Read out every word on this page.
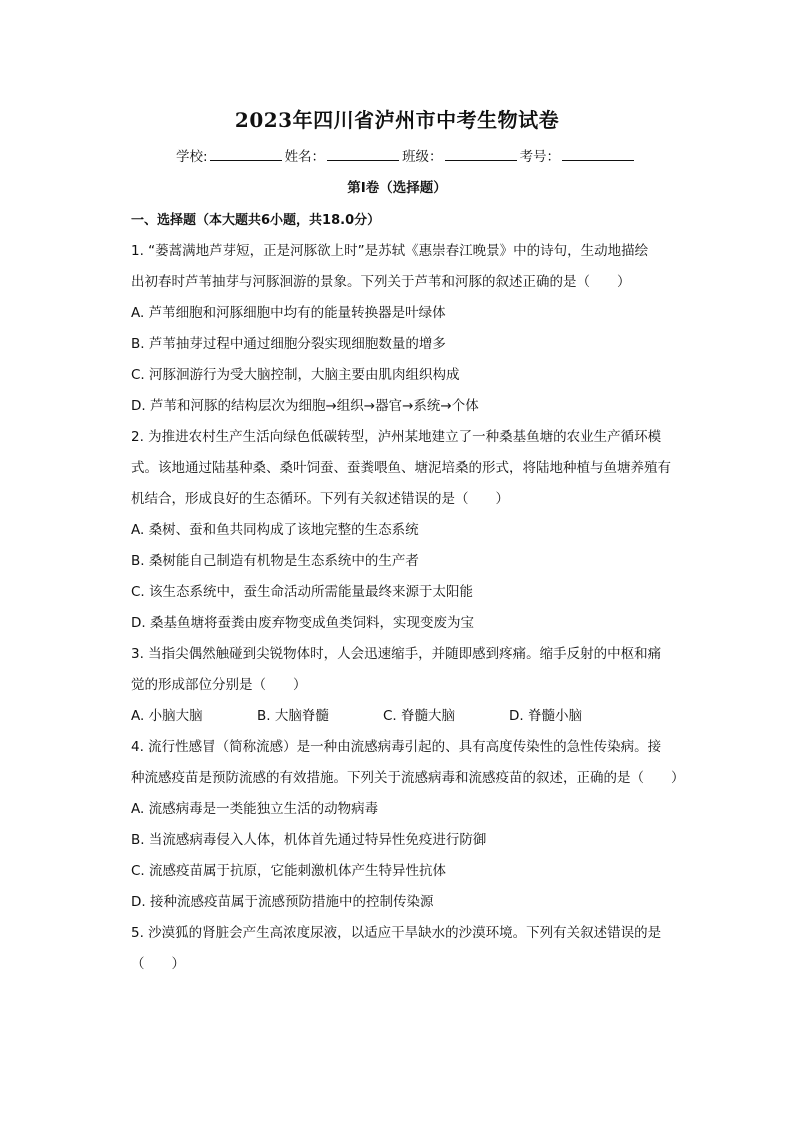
2023年四川省泸州市中考生物试卷
学校:	姓名：	班级：	考号：
第I卷（选择题）
一、选择题（本大题共6小题，共18.0分）
1. “蒌蒿满地芦芽短，正是河豚欲上时”是苏轼《惠崇春江晚景》中的诗句，生动地描绘
出初春时芦苇抽芽与河豚洄游的景象。下列关于芦苇和河豚的叙述正确的是（　　）
A. 芦苇细胞和河豚细胞中均有的能量转换器是叶绿体
B. 芦苇抽芽过程中通过细胞分裂实现细胞数量的增多
C. 河豚洄游行为受大脑控制，大脑主要由肌肉组织构成
D. 芦苇和河豚的结构层次为细胞→组织→器官→系统→个体
2. 为推进农村生产生活向绿色低碳转型，泸州某地建立了一种桑基鱼塘的农业生产循环模
式。该地通过陆基种桑、桑叶饲蚕、蚕粪喂鱼、塘泥培桑的形式，将陆地种植与鱼塘养殖有
机结合，形成良好的生态循环。下列有关叙述错误的是（　　）
A. 桑树、蚕和鱼共同构成了该地完整的生态系统
B. 桑树能自己制造有机物是生态系统中的生产者
C. 该生态系统中，蚕生命活动所需能量最终来源于太阳能
D. 桑基鱼塘将蚕粪由废弃物变成鱼类饲料，实现变废为宝
3. 当指尖偶然触碰到尖锐物体时，人会迅速缩手，并随即感到疼痛。缩手反射的中枢和痛
觉的形成部位分别是（　　）
A. 小脑大脑	B. 大脑脊髓	C. 脊髓大脑	D. 脊髓小脑
4. 流行性感冒（简称流感）是一种由流感病毒引起的、具有高度传染性的急性传染病。接
种流感疫苗是预防流感的有效措施。下列关于流感病毒和流感疫苗的叙述，正确的是（　　）
A. 流感病毒是一类能独立生活的动物病毒
B. 当流感病毒侵入人体，机体首先通过特异性免疫进行防御
C. 流感疫苗属于抗原，它能刺激机体产生特异性抗体
D. 接种流感疫苗属于流感预防措施中的控制传染源
5. 沙漠狐的肾脏会产生高浓度尿液，以适应干旱缺水的沙漠环境。下列有关叙述错误的是
（　　）
